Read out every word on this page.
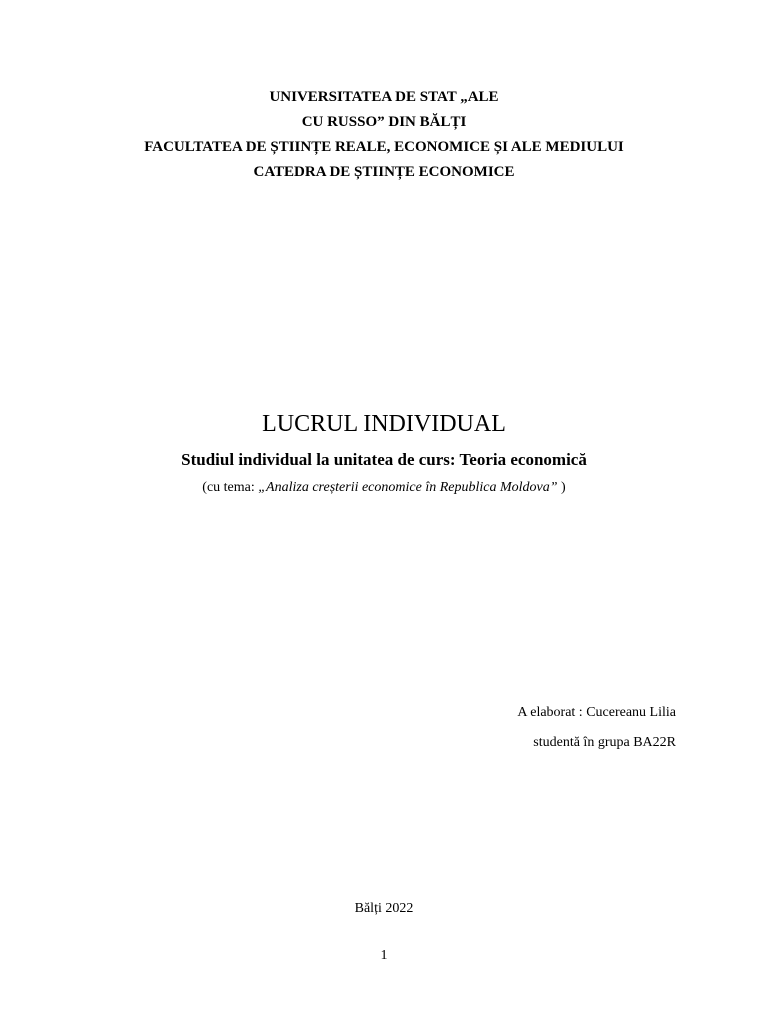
UNIVERSITATEA DE STAT „ALE
CU RUSSO” DIN BĂLȚI
FACULTATEA DE ȘTIINȚE REALE, ECONOMICE ȘI ALE MEDIULUI
CATEDRA DE ȘTIINȚE ECONOMICE
LUCRUL INDIVIDUAL
Studiul individual la unitatea de curs: Teoria economică
(cu tema: „Analiza creșterii economice în Republica Moldova” )
A elaborat : Cucereanu Lilia
studentă în grupa BA22R
Bălți 2022
1
